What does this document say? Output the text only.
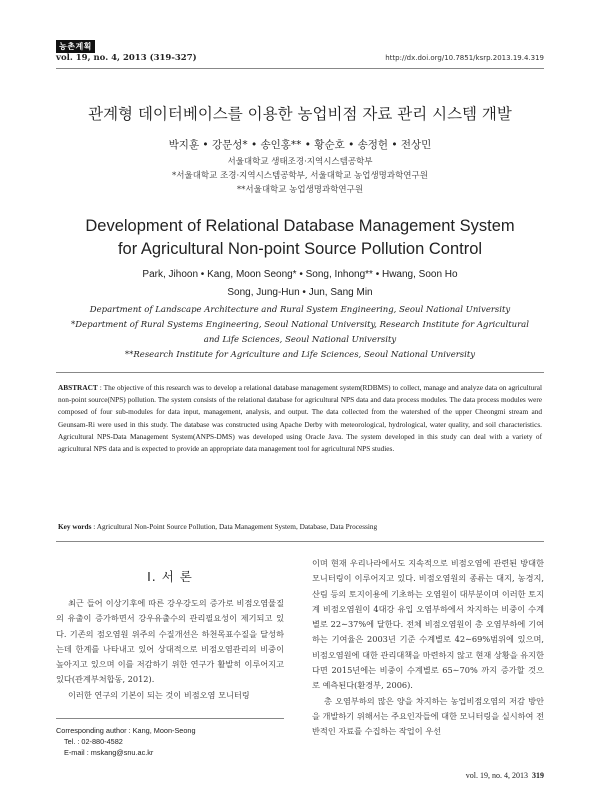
농촌계획
vol. 19, no. 4, 2013 (319-327)	http://dx.doi.org/10.7851/ksrp.2013.19.4.319
관계형 데이터베이스를 이용한 농업비점 자료 관리 시스템 개발
박지훈 • 강문성* • 송인홍** • 황순호 • 송정헌 • 전상민
서울대학교 생태조경·지역시스템공학부
*서울대학교 조경·지역시스템공학부, 서울대학교 농업생명과학연구원
**서울대학교 농업생명과학연구원
Development of Relational Database Management System
for Agricultural Non-point Source Pollution Control
Park, Jihoon • Kang, Moon Seong* • Song, Inhong** • Hwang, Soon Ho
Song, Jung-Hun • Jun, Sang Min
Department of Landscape Architecture and Rural System Engineering, Seoul National University
*Department of Rural Systems Engineering, Seoul National University, Research Institute for Agricultural
and Life Sciences, Seoul National University
**Research Institute for Agriculture and Life Sciences, Seoul National University
ABSTRACT : The objective of this research was to develop a relational database management system(RDBMS) to collect, manage and analyze data on agricultural non-point source(NPS) pollution. The system consists of the relational database for agricultural NPS data and data process modules. The data process modules were composed of four sub-modules for data input, management, analysis, and output. The data collected from the watershed of the upper Cheongmi stream and Geunsam-Ri were used in this study. The database was constructed using Apache Derby with meteorological, hydrological, water quality, and soil characteristics. Agricultural NPS-Data Management System(ANPS-DMS) was developed using Oracle Java. The system developed in this study can deal with a variety of agricultural NPS data and is expected to provide an appropriate data management tool for agricultural NPS studies.
Key words : Agricultural Non-Point Source Pollution, Data Management System, Database, Data Processing
I. 서 론

최근 들어 이상기후에 따른 강우강도의 증가로 비점오염물질의 유출이 증가하면서 강우유출수의 관리필요성이 제기되고 있다. 기존의 점오염원 위주의 수질개선은 하천목표수질을 달성하는데 한계를 나타내고 있어 상대적으로 비점오염관리의 비중이 높아지고 있으며 이를 저감하기 위한 연구가 활발히 이루어지고 있다(관계부처합동, 2012).

이러한 연구의 기본이 되는 것이 비점오염 모니터링

Corresponding author : Kang, Moon-Seong
Tel. : 02-880-4582
E-mail : mskang@snu.ac.kr

이며 현재 우리나라에서도 지속적으로 비점오염에 관련된 방대한 모니터링이 이루어지고 있다. 비점오염원의 종류는 대지, 농경지, 산림 등의 토지이용에 기초하는 오염원이 대부분이며 이러한 토지계 비점오염원이 4대강 유입 오염부하에서 차지하는 비중이 수계별로 22∼37%에 달한다. 전체 비점오염원이 총 오염부하에 기여하는 기여율은 2003년 기준 수계별로 42∼69%범위에 있으며, 비점오염원에 대한 관리대책을 마련하지 않고 현재 상황을 유지한다면 2015년에는 비중이 수계별로 65∼70% 까지 증가할 것으로 예측된다(환경부, 2006).

총 오염부하의 많은 양을 차지하는 농업비점오염의 저감 방안을 개발하기 위해서는 주요인자들에 대한 모니터링을 실시하여 전반적인 자료를 수집하는 작업이 우선

vol. 19, no. 4, 2013 319
